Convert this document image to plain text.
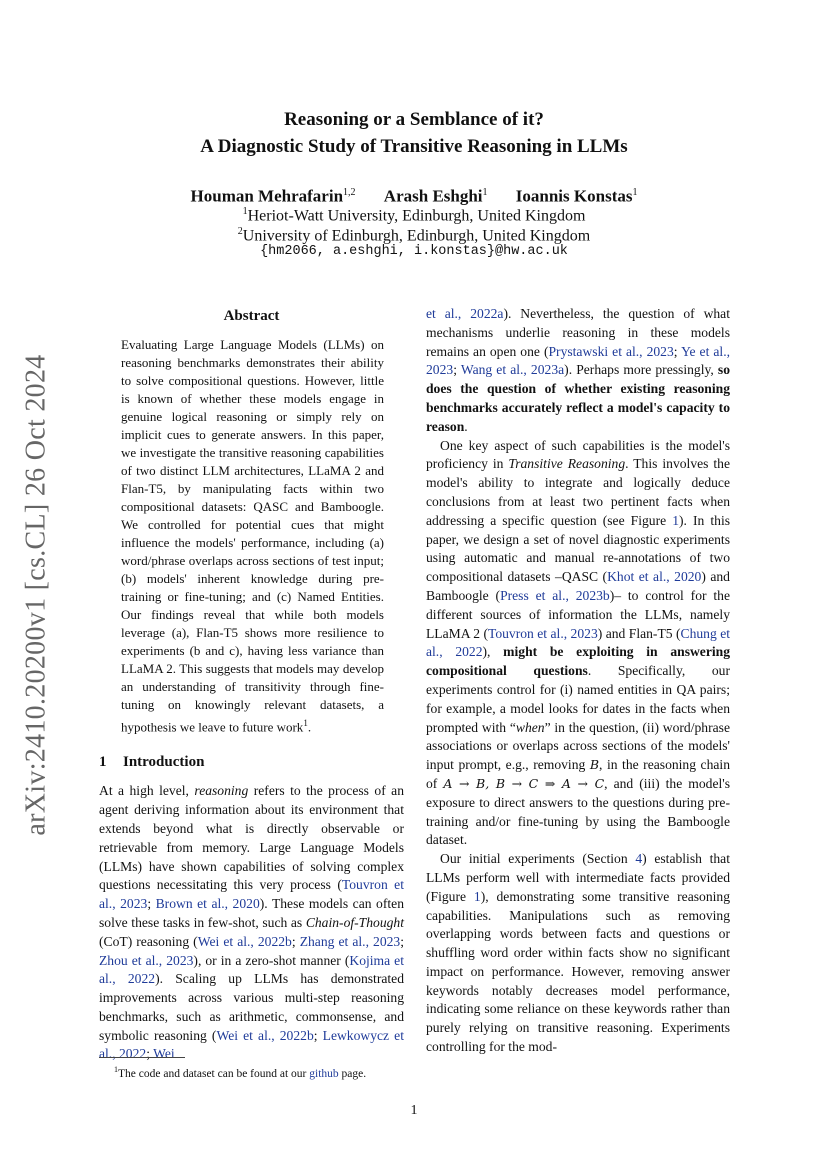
arXiv:2410.20200v1 [cs.CL] 26 Oct 2024
Reasoning or a Semblance of it?
A Diagnostic Study of Transitive Reasoning in LLMs
Houman Mehrafarin$^{1,2}$ Arash Eshghi$^1$ Ioannis Konstas$^1$
$^1$Heriot-Watt University, Edinburgh, United Kingdom
$^2$University of Edinburgh, Edinburgh, United Kingdom
{hm2066, a.eshghi, i.konstas}@hw.ac.uk
Abstract
Evaluating Large Language Models (LLMs) on reasoning benchmarks demonstrates their ability to solve compositional questions. However, little is known of whether these models engage in genuine logical reasoning or simply rely on implicit cues to generate answers. In this paper, we investigate the transitive reasoning capabilities of two distinct LLM architectures, LLaMA 2 and Flan-T5, by manipulating facts within two compositional datasets: QASC and Bamboogle. We controlled for potential cues that might influence the models' performance, including (a) word/phrase overlaps across sections of test input; (b) models' inherent knowledge during pre-training or fine-tuning; and (c) Named Entities. Our findings reveal that while both models leverage (a), Flan-T5 shows more resilience to experiments (b and c), having less variance than LLaMA 2. This suggests that models may develop an understanding of transitivity through fine-tuning on knowingly relevant datasets, a hypothesis we leave to future work$^1$.
1 Introduction

At a high level, reasoning refers to the process of an agent deriving information about its environment that extends beyond what is directly observable or retrievable from memory. Large Language Models (LLMs) have shown capabilities of solving complex questions necessitating this very process (Touvron et al., 2023; Brown et al., 2020). These models can often solve these tasks in few-shot, such as Chain-of-Thought (CoT) reasoning (Wei et al., 2022b; Zhang et al., 2023; Zhou et al., 2023), or in a zero-shot manner (Kojima et al., 2022). Scaling up LLMs has demonstrated improvements across various multi-step reasoning benchmarks, such as arithmetic, commonsense, and symbolic reasoning (Wei et al., 2022b; Lewkowycz et al., 2022; Wei

et al., 2022a). Nevertheless, the question of what mechanisms underlie reasoning in these models remains an open one (Prystawski et al., 2023; Ye et al., 2023; Wang et al., 2023a). Perhaps more pressingly, so does the question of whether existing reasoning benchmarks accurately reflect a model's capacity to reason.

One key aspect of such capabilities is the model's proficiency in Transitive Reasoning. This involves the model's ability to integrate and logically deduce conclusions from at least two pertinent facts when addressing a specific question (see Figure 1). In this paper, we design a set of novel diagnostic experiments using automatic and manual re-annotations of two compositional datasets –QASC (Khot et al., 2020) and Bamboogle (Press et al., 2023b)– to control for the different sources of information the LLMs, namely LLaMA 2 (Touvron et al., 2023) and Flan-T5 (Chung et al., 2022), might be exploiting in answering compositional questions. Specifically, our experiments control for (i) named entities in QA pairs; for example, a model looks for dates in the facts when prompted with “when” in the question, (ii) word/phrase associations or overlaps across sections of the models' input prompt, e.g., removing B, in the reasoning chain of A → B, B → C ⇒ A → C, and (iii) the model's exposure to direct answers to the questions during pre-training and/or fine-tuning by using the Bamboogle dataset.

Our initial experiments (Section 4) establish that LLMs perform well with intermediate facts provided (Figure 1), demonstrating some transitive reasoning capabilities. Manipulations such as removing overlapping words between facts and questions or shuffling word order within facts show no significant impact on performance. However, removing answer keywords notably decreases model performance, indicating some reliance on these keywords rather than purely relying on transitive reasoning. Experiments controlling for the mod-

$^1$The code and dataset can be found at our github page.
1
